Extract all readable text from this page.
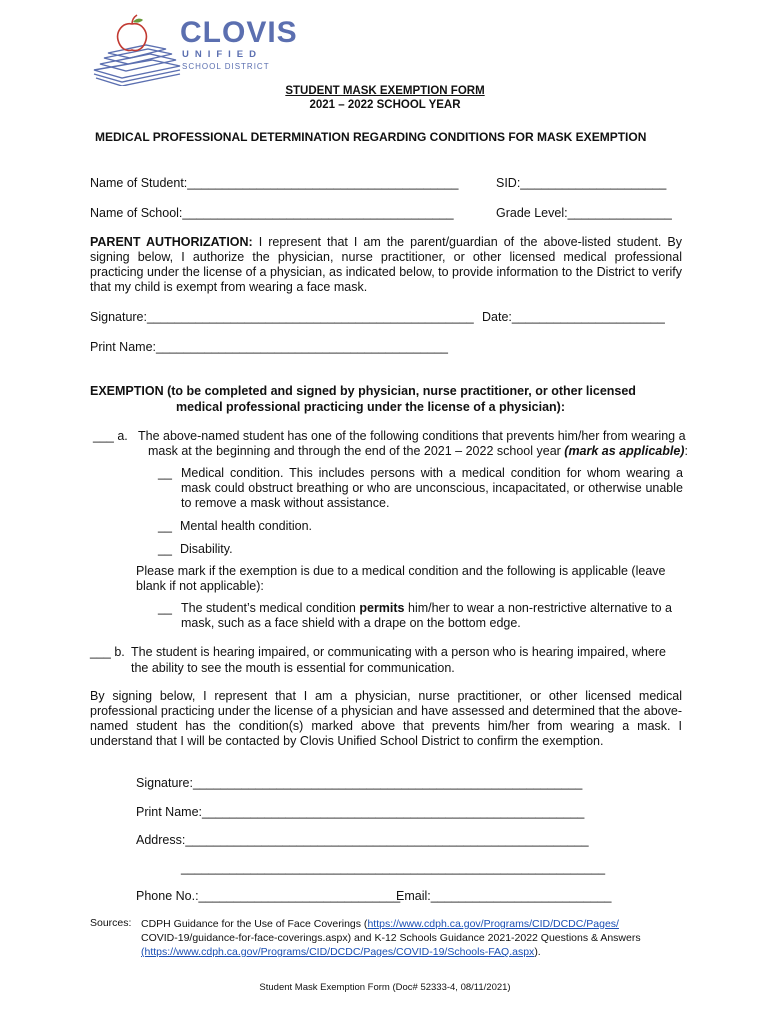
CLOVIS
UNIFIED
SCHOOL DISTRICT
STUDENT MASK EXEMPTION FORM
2021 – 2022 SCHOOL YEAR
MEDICAL PROFESSIONAL DETERMINATION REGARDING CONDITIONS FOR MASK EXEMPTION
Name of Student:_______________________________________	SID:_____________________
Name of School:_______________________________________	Grade Level:_______________
PARENT AUTHORIZATION: I represent that I am the parent/guardian of the above-listed student. By signing below, I authorize the physician, nurse practitioner, or other licensed medical professional practicing under the license of a physician, as indicated below, to provide information to the District to verify that my child is exempt from wearing a face mask.
Signature:_______________________________________________ Date:______________________
Print Name:__________________________________________
EXEMPTION (to be completed and signed by physician, nurse practitioner, or other licensed
medical professional practicing under the license of a physician):
___ a. The above-named student has one of the following conditions that prevents him/her from wearing a
mask at the beginning and through the end of the 2021 – 2022 school year (mark as applicable):
__ Medical condition. This includes persons with a medical condition for whom wearing a mask could obstruct breathing or who are unconscious, incapacitated, or otherwise unable to remove a mask without assistance.
__ Mental health condition.
__ Disability.
Please mark if the exemption is due to a medical condition and the following is applicable (leave blank if not applicable):
__ The student’s medical condition permits him/her to wear a non-restrictive alternative to a mask, such as a face shield with a drape on the bottom edge.
___ b. The student is hearing impaired, or communicating with a person who is hearing impaired, where
the ability to see the mouth is essential for communication.
By signing below, I represent that I am a physician, nurse practitioner, or other licensed medical professional practicing under the license of a physician and have assessed and determined that the above-named student has the condition(s) marked above that prevents him/her from wearing a mask. I understand that I will be contacted by Clovis Unified School District to confirm the exemption.
Signature:________________________________________________________
Print Name:_______________________________________________________
Address:__________________________________________________________
_____________________________________________________________
Phone No.:_____________________________
Email:__________________________
Sources: CDPH Guidance for the Use of Face Coverings (https://www.cdph.ca.gov/Programs/CID/DCDC/Pages/
COVID-19/guidance-for-face-coverings.aspx) and K-12 Schools Guidance 2021-2022 Questions & Answers
(https://www.cdph.ca.gov/Programs/CID/DCDC/Pages/COVID-19/Schools-FAQ.aspx).
Student Mask Exemption Form (Doc# 52333-4, 08/11/2021)
